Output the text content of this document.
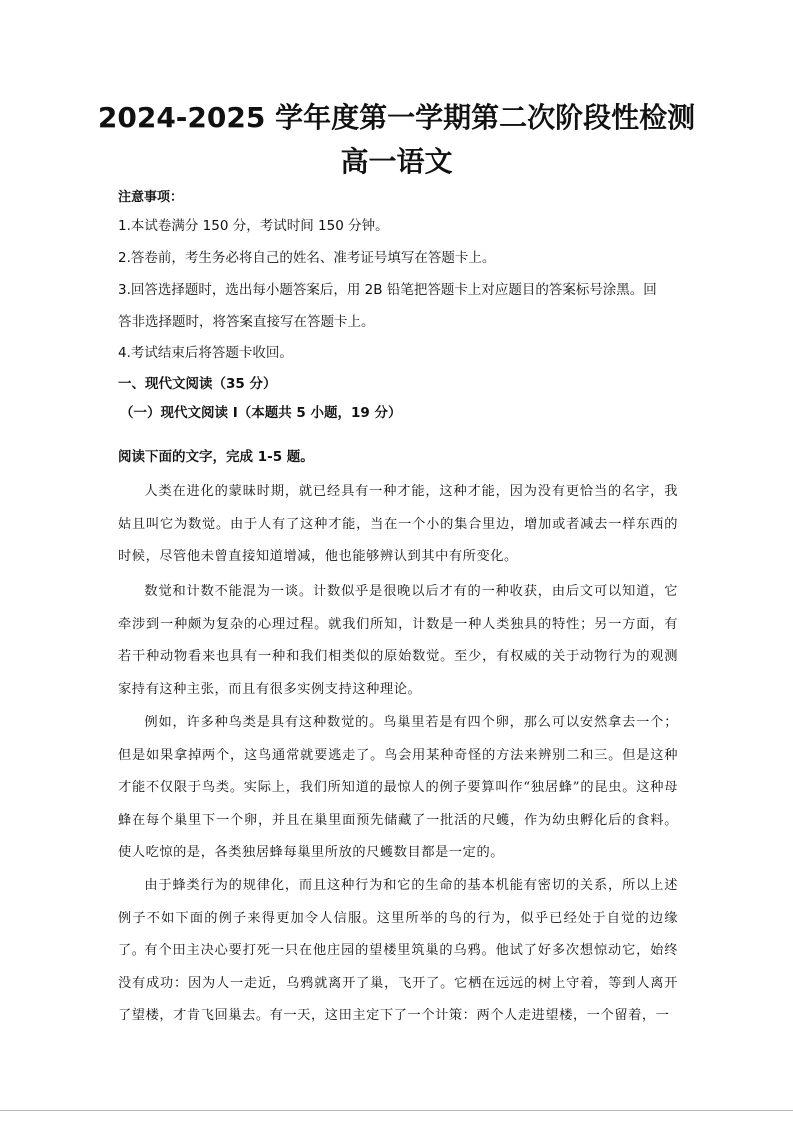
2024-2025 学年度第一学期第二次阶段性检测
高一语文
注意事项：
1.本试卷满分 150 分，考试时间 150 分钟。
2.答卷前，考生务必将自己的姓名、准考证号填写在答题卡上。
3.回答选择题时，选出每小题答案后，用 2B 铅笔把答题卡上对应题目的答案标号涂黑。回
答非选择题时，将答案直接写在答题卡上。
4.考试结束后将答题卡收回。
一、现代文阅读（35 分）
（一）现代文阅读 I（本题共 5 小题，19 分）
阅读下面的文字，完成 1-5 题。
人类在进化的蒙昧时期，就已经具有一种才能，这种才能，因为没有更恰当的名字，我姑且叫它为数觉。由于人有了这种才能，当在一个小的集合里边，增加或者减去一样东西的时候，尽管他未曾直接知道增减，他也能够辨认到其中有所变化。
数觉和计数不能混为一谈。计数似乎是很晚以后才有的一种收获，由后文可以知道，它牵涉到一种颇为复杂的心理过程。就我们所知，计数是一种人类独具的特性；另一方面，有若干种动物看来也具有一种和我们相类似的原始数觉。至少，有权威的关于动物行为的观测家持有这种主张，而且有很多实例支持这种理论。
例如，许多种鸟类是具有这种数觉的。鸟巢里若是有四个卵，那么可以安然拿去一个；但是如果拿掉两个，这鸟通常就要逃走了。鸟会用某种奇怪的方法来辨别二和三。但是这种才能不仅限于鸟类。实际上，我们所知道的最惊人的例子要算叫作“独居蜂”的昆虫。这种母蜂在每个巢里下一个卵，并且在巢里面预先储藏了一批活的尺蠖，作为幼虫孵化后的食料。使人吃惊的是，各类独居蜂每巢里所放的尺蠖数目都是一定的。
由于蜂类行为的规律化，而且这种行为和它的生命的基本机能有密切的关系，所以上述例子不如下面的例子来得更加令人信服。这里所举的鸟的行为，似乎已经处于自觉的边缘了。
有个田主决心要打死一只在他庄园的望楼里筑巢的乌鸦。他试了好多次想惊动它，始终没有成功：因为人一走近，乌鸦就离开了巢，飞开了。它栖在远远的树上守着，等到人离开了望楼，才肯飞回巢去。有一天，这田主定下了一个计策：两个人走进望楼，一个留着，一
